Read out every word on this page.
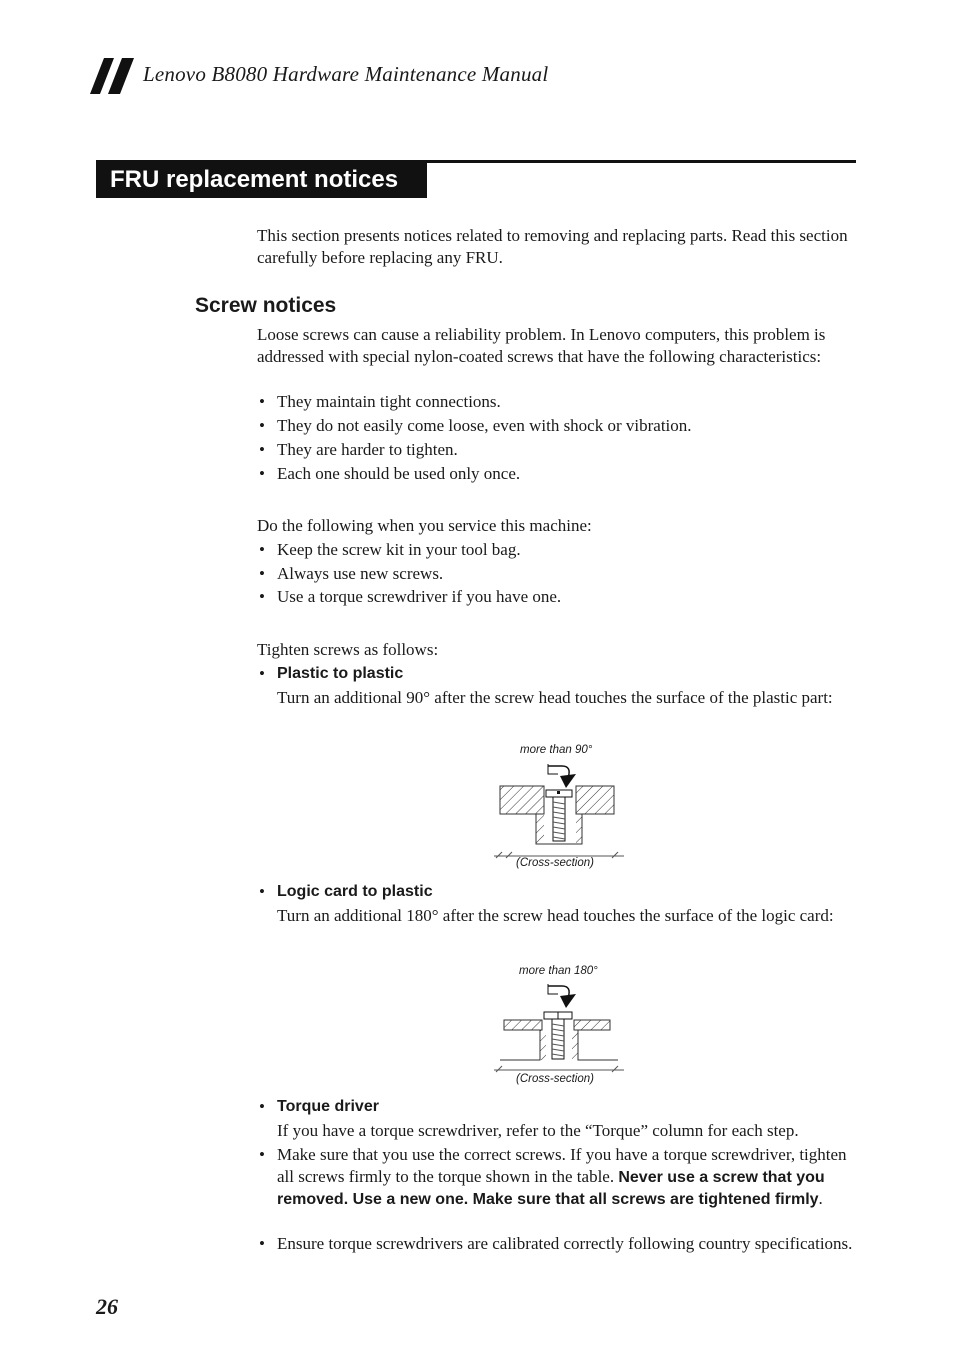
Lenovo B8080 Hardware Maintenance Manual
FRU replacement notices
This section presents notices related to removing and replacing parts. Read this section carefully before replacing any FRU.
Screw notices
Loose screws can cause a reliability problem. In Lenovo computers, this problem is addressed with special nylon-coated screws that have the following characteristics:
• They maintain tight connections.
• They do not easily come loose, even with shock or vibration.
• They are harder to tighten.
• Each one should be used only once.
Do the following when you service this machine:
• Keep the screw kit in your tool bag.
• Always use new screws.
• Use a torque screwdriver if you have one.
Tighten screws as follows:
• Plastic to plastic
Turn an additional 90° after the screw head touches the surface of the plastic part:
more than 90°
(Cross-section)
• Logic card to plastic
Turn an additional 180° after the screw head touches the surface of the logic card:
more than 180°
(Cross-section)
• Torque driver
If you have a torque screwdriver, refer to the “Torque” column for each step.
• Make sure that you use the correct screws. If you have a torque screwdriver, tighten all screws firmly to the torque shown in the table. Never use a screw that you removed. Use a new one. Make sure that all screws are tightened firmly.
• Ensure torque screwdrivers are calibrated correctly following country specifications.
26
